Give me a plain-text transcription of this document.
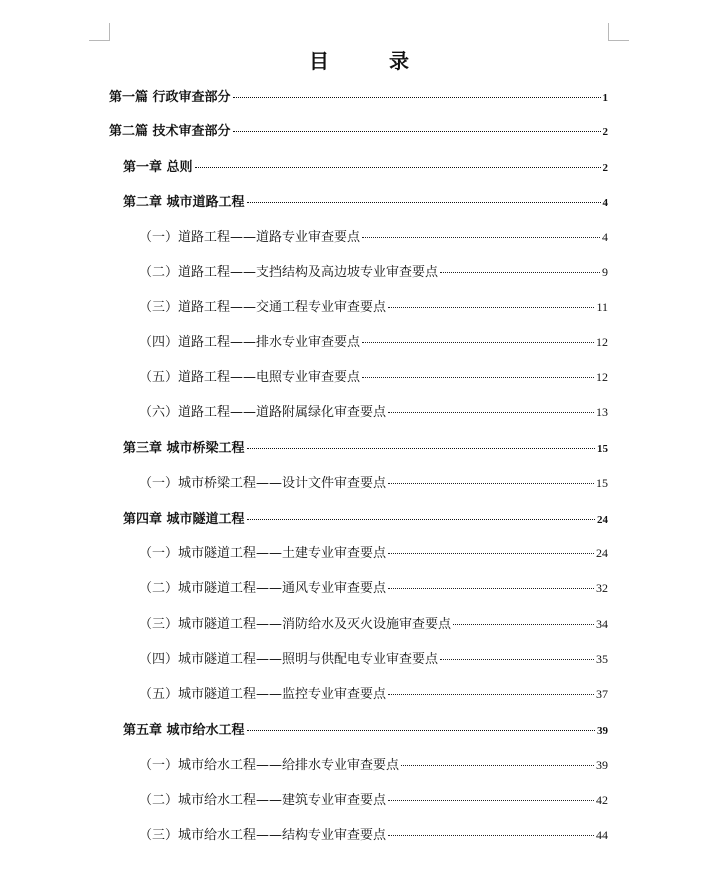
目　录
第一篇 行政审查部分	1
第二篇 技术审查部分	2
第一章 总则	2
第二章 城市道路工程	4
（一）道路工程——道路专业审查要点	4
（二）道路工程——支挡结构及高边坡专业审查要点	9
（三）道路工程——交通工程专业审查要点	11
（四）道路工程——排水专业审查要点	12
（五）道路工程——电照专业审查要点	12
（六）道路工程——道路附属绿化审查要点	13
第三章 城市桥梁工程	15
（一）城市桥梁工程——设计文件审查要点	15
第四章 城市隧道工程	24
（一）城市隧道工程——土建专业审查要点	24
（二）城市隧道工程——通风专业审查要点	32
（三）城市隧道工程——消防给水及灭火设施审查要点	34
（四）城市隧道工程——照明与供配电专业审查要点	35
（五）城市隧道工程——监控专业审查要点	37
第五章 城市给水工程	39
（一）城市给水工程——给排水专业审查要点	39
（二）城市给水工程——建筑专业审查要点	42
（三）城市给水工程——结构专业审查要点	44
